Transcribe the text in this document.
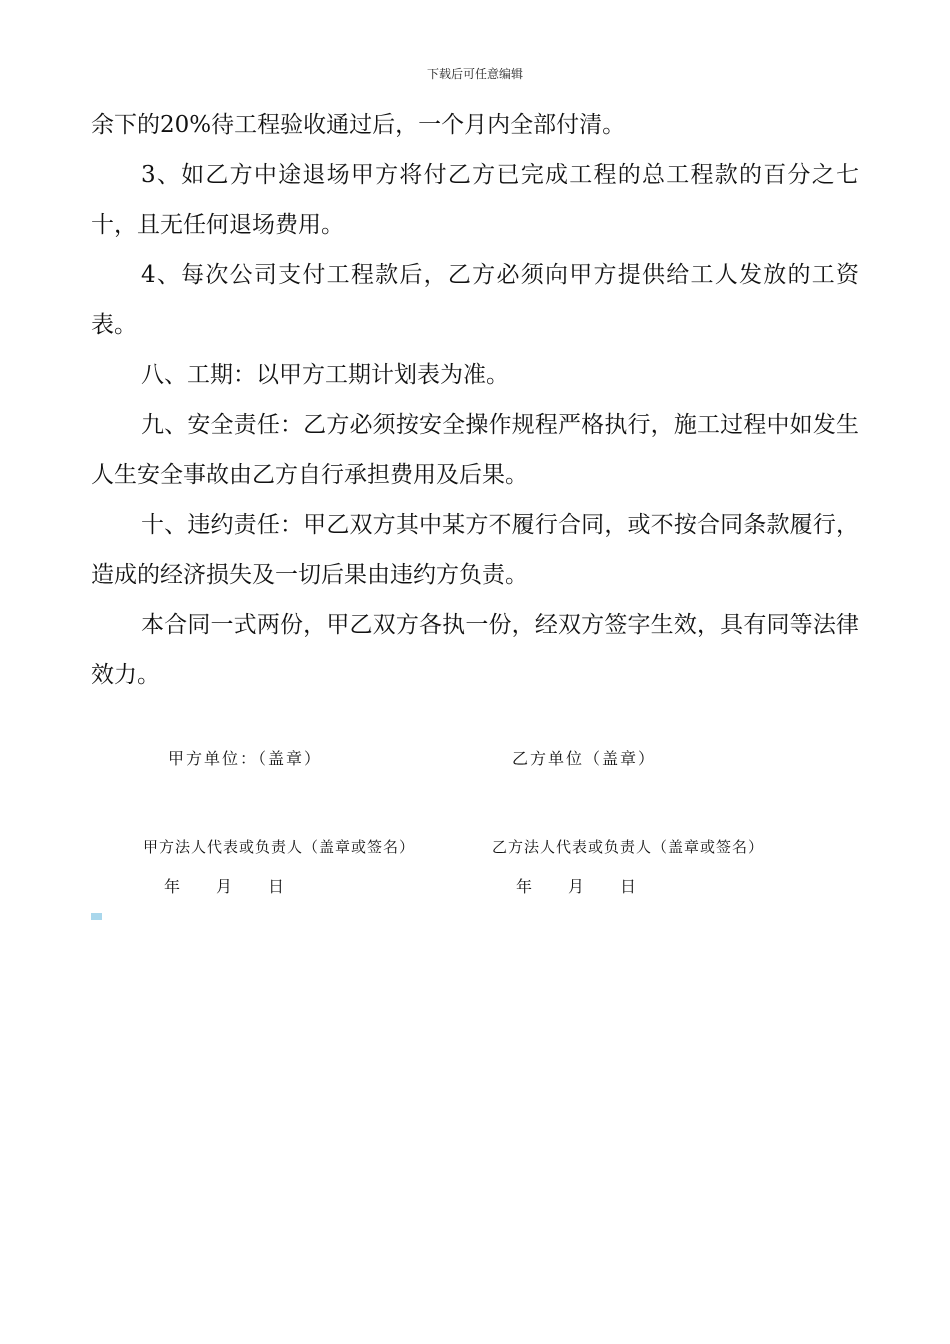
下载后可任意编辑

余下的20%待工程验收通过后，一个月内全部付清。

3、如乙方中途退场甲方将付乙方已完成工程的总工程款的百分之七十，且无任何退场费用。

4、每次公司支付工程款后，乙方必须向甲方提供给工人发放的工资表。

八、工期：以甲方工期计划表为准。

九、安全责任：乙方必须按安全操作规程严格执行，施工过程中如发生人生安全事故由乙方自行承担费用及后果。

十、违约责任：甲乙双方其中某方不履行合同，或不按合同条款履行，造成的经济损失及一切后果由违约方负责。

本合同一式两份，甲乙双方各执一份，经双方签字生效，具有同等法律效力。

甲方单位：（盖章）	乙方单位（盖章）
甲方法人代表或负责人（盖章或签名）	乙方法人代表或负责人（盖章或签名）
年 月 日	年 月 日
